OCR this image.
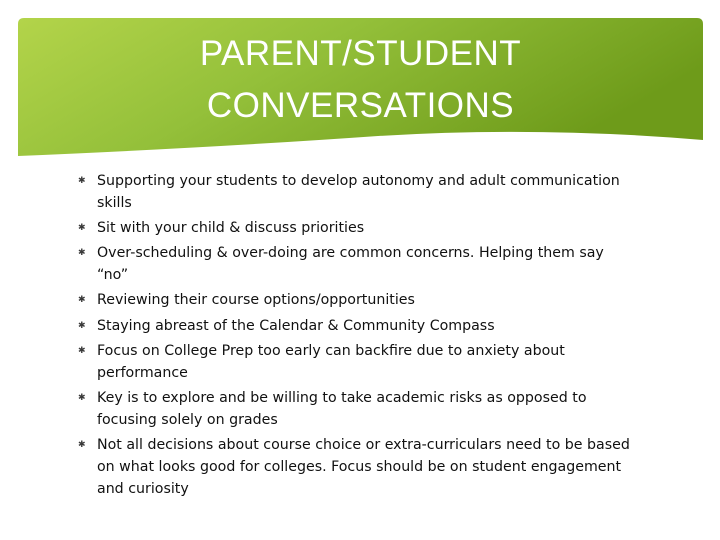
PARENT/STUDENT
CONVERSATIONS
✱ Supporting your students to develop autonomy and adult communication skills
✱ Sit with your child & discuss priorities
✱ Over-scheduling & over-doing are common concerns. Helping them say “no”
✱ Reviewing their course options/opportunities
✱ Staying abreast of the Calendar & Community Compass
✱ Focus on College Prep too early can backfire due to anxiety about performance
✱ Key is to explore and be willing to take academic risks as opposed to focusing solely on grades
✱ Not all decisions about course choice or extra-curriculars need to be based on what looks good for colleges. Focus should be on student engagement and curiosity
